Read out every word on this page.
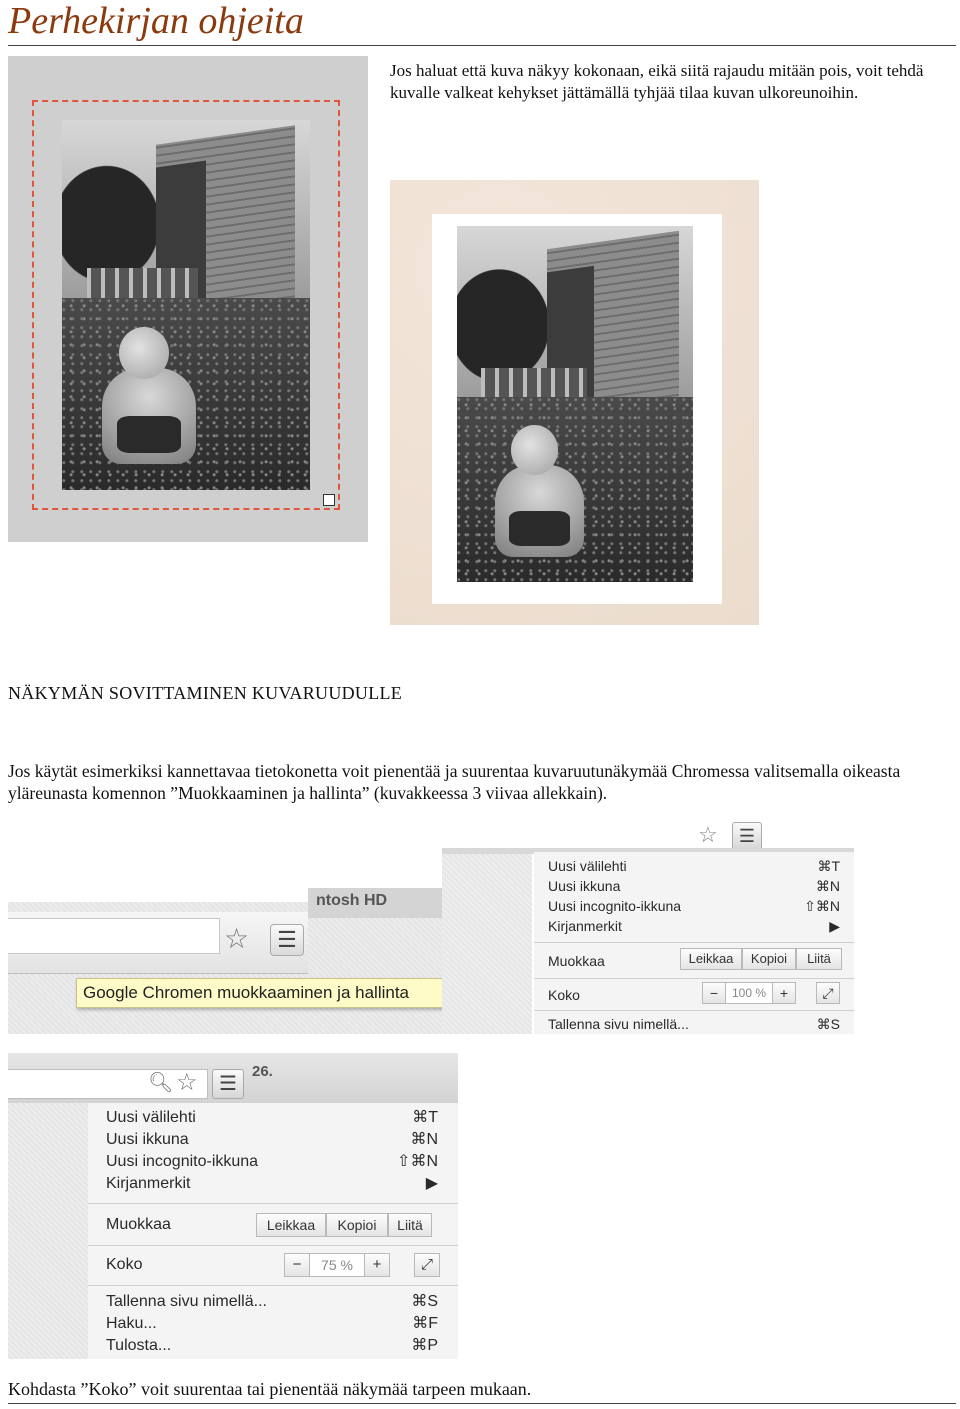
Perhekirjan ohjeita
Jos haluat että kuva näkyy kokonaan, eikä siitä rajaudu mitään pois, voit tehdä kuvalle valkeat kehykset jättämällä tyhjää tilaa kuvan ulkoreunoihin.
NÄKYMÄN SOVITTAMINEN KUVARUUDULLE
Jos käytät esimerkiksi kannettavaa tietokonetta voit pienentää ja suurentaa kuvaruutunäkymää Chromessa valitsemalla oikeasta yläreunasta komennon ”Muokkaaminen ja hallinta” (kuvakkeessa 3 viivaa allekkain).
ntosh HD
☆	☰
Google Chromen muokkaaminen ja hallinta
☆	☰
Uusi välilehti	⌘T
Uusi ikkuna	⌘N
Uusi incognito-ikkuna	⇧⌘N
Kirjanmerkit	▶
Muokkaa	Leikkaa	Kopioi	Liitä
Koko	−	100 % +	⤢
Tallenna sivu nimellä...	⌘S
🔍︎ ☆	☰
26.
Uusi välilehti	⌘T
Uusi ikkuna	⌘N
Uusi incognito-ikkuna	⇧⌘N
Kirjanmerkit	▶
Muokkaa	Leikkaa	Kopioi	Liitä
Koko	−	75 %	+	⤢
Tallenna sivu nimellä...	⌘S
Haku...	⌘F
Tulosta...	⌘P
Kohdasta ”Koko” voit suurentaa tai pienentää näkymää tarpeen mukaan.
